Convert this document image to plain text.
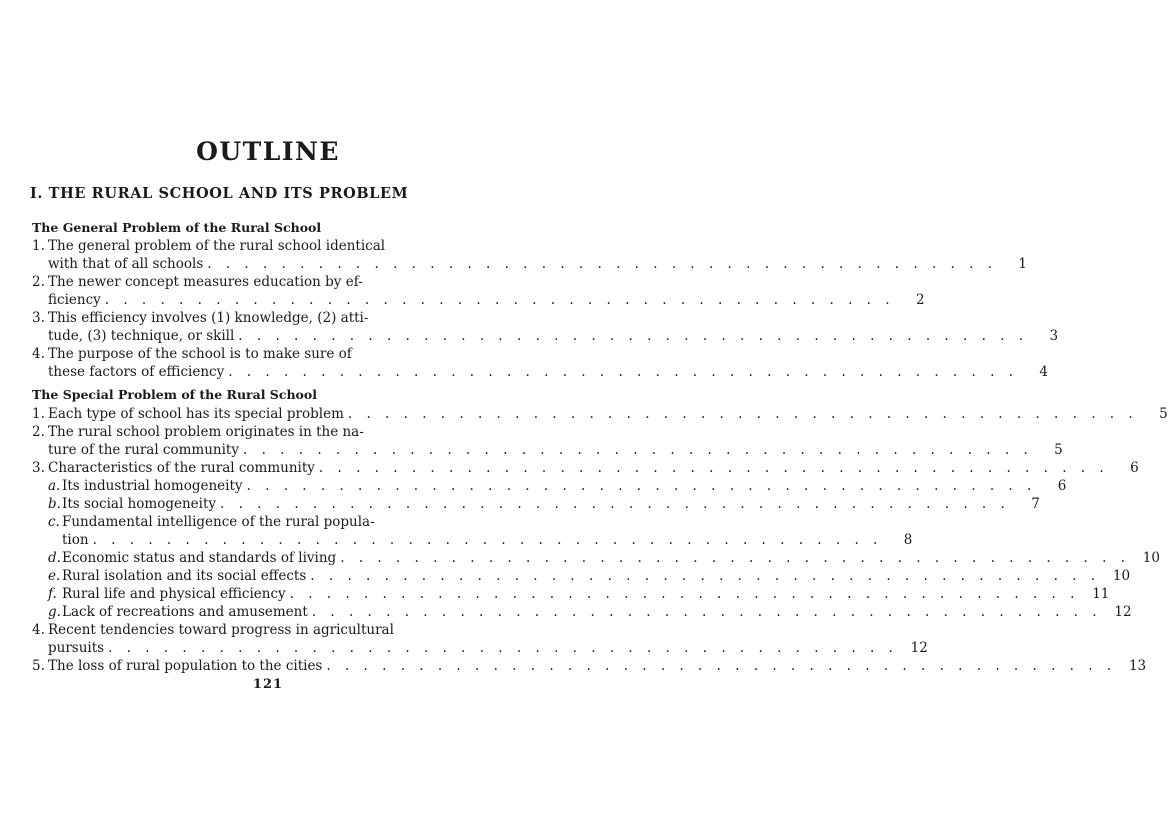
OUTLINE
I. THE RURAL SCHOOL AND ITS PROBLEM
The General Problem of the Rural School
1. The general problem of the rural school identical
with that of all schools . . . . . . . . . . . . . . . . . . . . . . . . . . . . . . . . . . . . . . . . . . .	1
2. The newer concept measures education by ef-
ficiency . . . . . . . . . . . . . . . . . . . . . . . . . . . . . . . . . . . . . . . . . . .	2
3. This efficiency involves (1) knowledge, (2) atti-
tude, (3) technique, or skill . . . . . . . . . . . . . . . . . . . . . . . . . . . . . . . . . . . . . . . . . . .	3
4. The purpose of the school is to make sure of
these factors of efficiency . . . . . . . . . . . . . . . . . . . . . . . . . . . . . . . . . . . . . . . . . . .	4
The Special Problem of the Rural School
1. Each type of school has its special problem . . . . . . . . . . . . . . . . . . . . . . . . . . . . . . . . . . . . . . . . . . .	5
2. The rural school problem originates in the na-
ture of the rural community . . . . . . . . . . . . . . . . . . . . . . . . . . . . . . . . . . . . . . . . . . .	5
3. Characteristics of the rural community . . . . . . . . . . . . . . . . . . . . . . . . . . . . . . . . . . . . . . . . . . .	6
a. Its industrial homogeneity . . . . . . . . . . . . . . . . . . . . . . . . . . . . . . . . . . . . . . . . . . .	6
b. Its social homogeneity . . . . . . . . . . . . . . . . . . . . . . . . . . . . . . . . . . . . . . . . . . .	7
c. Fundamental intelligence of the rural popula-
tion . . . . . . . . . . . . . . . . . . . . . . . . . . . . . . . . . . . . . . . . . . .	8
d. Economic status and standards of living . . . . . . . . . . . . . . . . . . . . . . . . . . . . . . . . . . . . . . . . . . . 10
e. Rural isolation and its social effects . . . . . . . . . . . . . . . . . . . . . . . . . . . . . . . . . . . . . . . . . . . 10
f. Rural life and physical efficiency . . . . . . . . . . . . . . . . . . . . . . . . . . . . . . . . . . . . . . . . . . . 11
g. Lack of recreations and amusement . . . . . . . . . . . . . . . . . . . . . . . . . . . . . . . . . . . . . . . . . . . 12
4. Recent tendencies toward progress in agricultural
pursuits . . . . . . . . . . . . . . . . . . . . . . . . . . . . . . . . . . . . . . . . . . . 12
5. The loss of rural population to the cities . . . . . . . . . . . . . . . . . . . . . . . . . . . . . . . . . . . . . . . . . . . 13
121
